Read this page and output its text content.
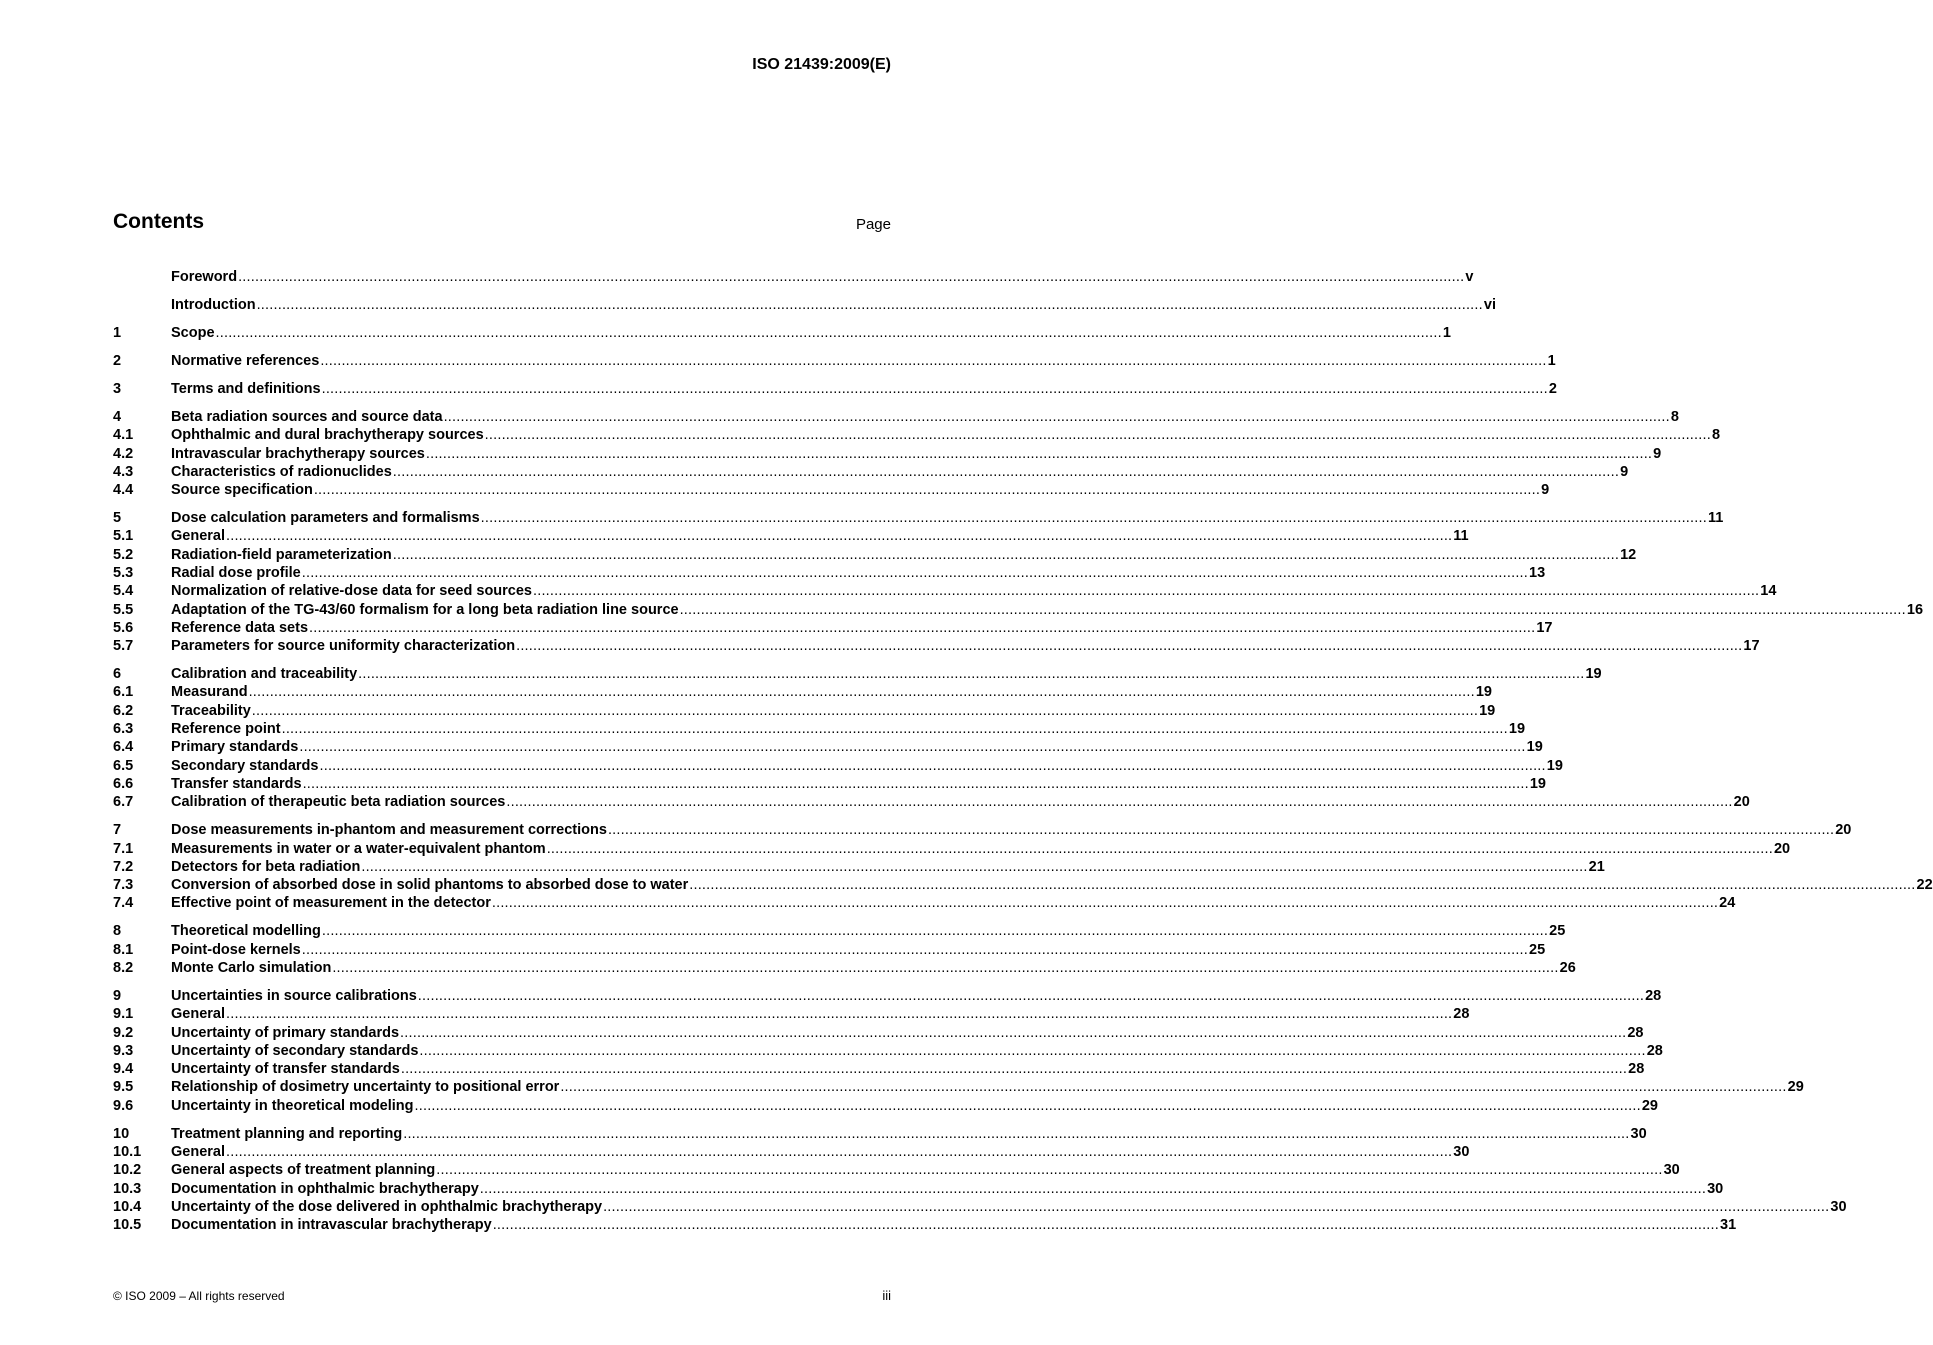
ISO 21439:2009(E)
Contents	Page
Foreword .....	v
Introduction .....	vi
1	Scope .....	1
2	Normative references .....	1
3	Terms and definitions .....	2
4	Beta radiation sources and source data .....	8
4.1	Ophthalmic and dural brachytherapy sources .....	8
4.2	Intravascular brachytherapy sources .....	9
4.3	Characteristics of radionuclides .....	9
4.4	Source specification .....	9
5	Dose calculation parameters and formalisms .....	11
5.1	General .....	11
5.2	Radiation-field parameterization .....	12
5.3	Radial dose profile .....	13
5.4	Normalization of relative-dose data for seed sources .....	14
5.5	Adaptation of the TG-43/60 formalism for a long beta radiation line source .....	16
5.6	Reference data sets .....	17
5.7	Parameters for source uniformity characterization .....	17
6	Calibration and traceability .....	19
6.1	Measurand .....	19
6.2	Traceability .....	19
6.3	Reference point .....	19
6.4	Primary standards .....	19
6.5	Secondary standards .....	19
6.6	Transfer standards .....	19
6.7	Calibration of therapeutic beta radiation sources .....	20
7	Dose measurements in-phantom and measurement corrections .....	20
7.1	Measurements in water or a water-equivalent phantom .....	20
7.2	Detectors for beta radiation .....	21
7.3	Conversion of absorbed dose in solid phantoms to absorbed dose to water .....	22
7.4	Effective point of measurement in the detector .....	24
8	Theoretical modelling .....	25
8.1	Point-dose kernels .....	25
8.2	Monte Carlo simulation .....	26
9	Uncertainties in source calibrations .....	28
9.1	General .....	28
9.2	Uncertainty of primary standards .....	28
9.3	Uncertainty of secondary standards .....	28
9.4	Uncertainty of transfer standards .....	28
9.5	Relationship of dosimetry uncertainty to positional error .....	29
9.6	Uncertainty in theoretical modeling .....	29
10	Treatment planning and reporting .....	30
10.1	General .....	30
10.2	General aspects of treatment planning .....	30
10.3	Documentation in ophthalmic brachytherapy .....	30
10.4	Uncertainty of the dose delivered in ophthalmic brachytherapy .....	30
10.5	Documentation in intravascular brachytherapy .....	31
© ISO 2009 – All rights reserved	iii
